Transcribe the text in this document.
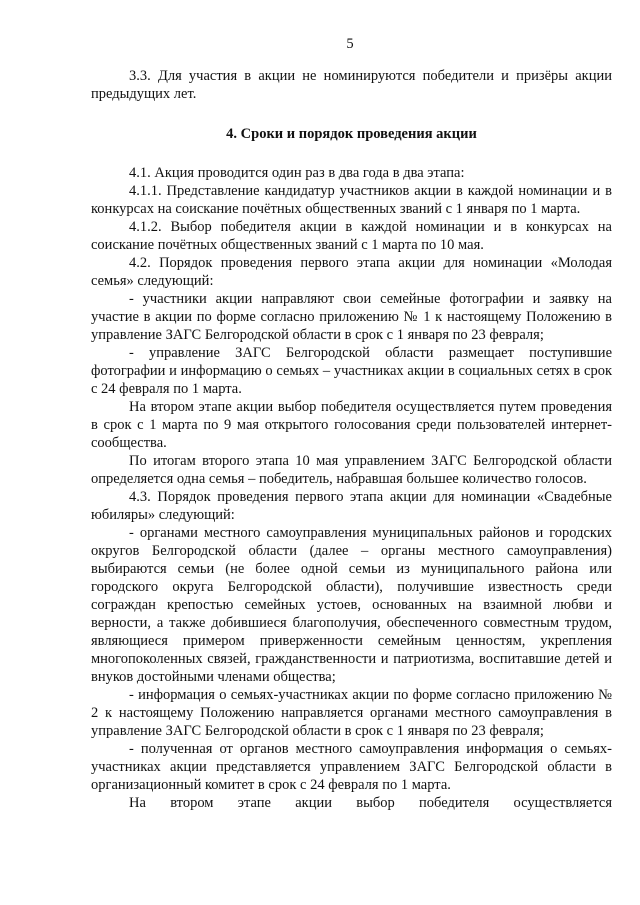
5

3.3. Для участия в акции не номинируются победители и призёры акции предыдущих лет.

4. Сроки и порядок проведения акции

4.1. Акция проводится один раз в два года в два этапа:

4.1.1. Представление кандидатур участников акции в каждой номинации и в конкурсах на соискание почётных общественных званий с 1 января по 1 марта.

4.1.2. Выбор победителя акции в каждой номинации и в конкурсах на соискание почётных общественных званий с 1 марта по 10 мая.

4.2. Порядок проведения первого этапа акции для номинации «Молодая семья» следующий:

- участники акции направляют свои семейные фотографии и заявку на участие в акции по форме согласно приложению № 1 к настоящему Положению в управление ЗАГС Белгородской области в срок с 1 января по 23 февраля;

- управление ЗАГС Белгородской области размещает поступившие фотографии и информацию о семьях – участниках акции в социальных сетях в срок с 24 февраля по 1 марта.

На втором этапе акции выбор победителя осуществляется путем проведения в срок с 1 марта по 9 мая открытого голосования среди пользователей интернет-сообщества.

По итогам второго этапа 10 мая управлением ЗАГС Белгородской области определяется одна семья – победитель, набравшая большее количество голосов.

4.3. Порядок проведения первого этапа акции для номинации «Свадебные юбиляры» следующий:

- органами местного самоуправления муниципальных районов и городских округов Белгородской области (далее – органы местного самоуправления) выбираются семьи (не более одной семьи из муниципального района или городского округа Белгородской области), получившие известность среди сограждан крепостью семейных устоев, основанных на взаимной любви и верности, а также добившиеся благополучия, обеспеченного совместным трудом, являющиеся примером приверженности семейным ценностям, укрепления многопоколенных связей, гражданственности и патриотизма, воспитавшие детей и внуков достойными членами общества;

- информация о семьях-участниках акции по форме согласно приложению № 2 к настоящему Положению направляется органами местного самоуправления в управление ЗАГС Белгородской области в срок с 1 января по 23 февраля;

- полученная от органов местного самоуправления информация о семьях-участниках акции представляется управлением ЗАГС Белгородской области в организационный комитет в срок с 24 февраля по 1 марта.

На втором этапе акции выбор победителя осуществляется
